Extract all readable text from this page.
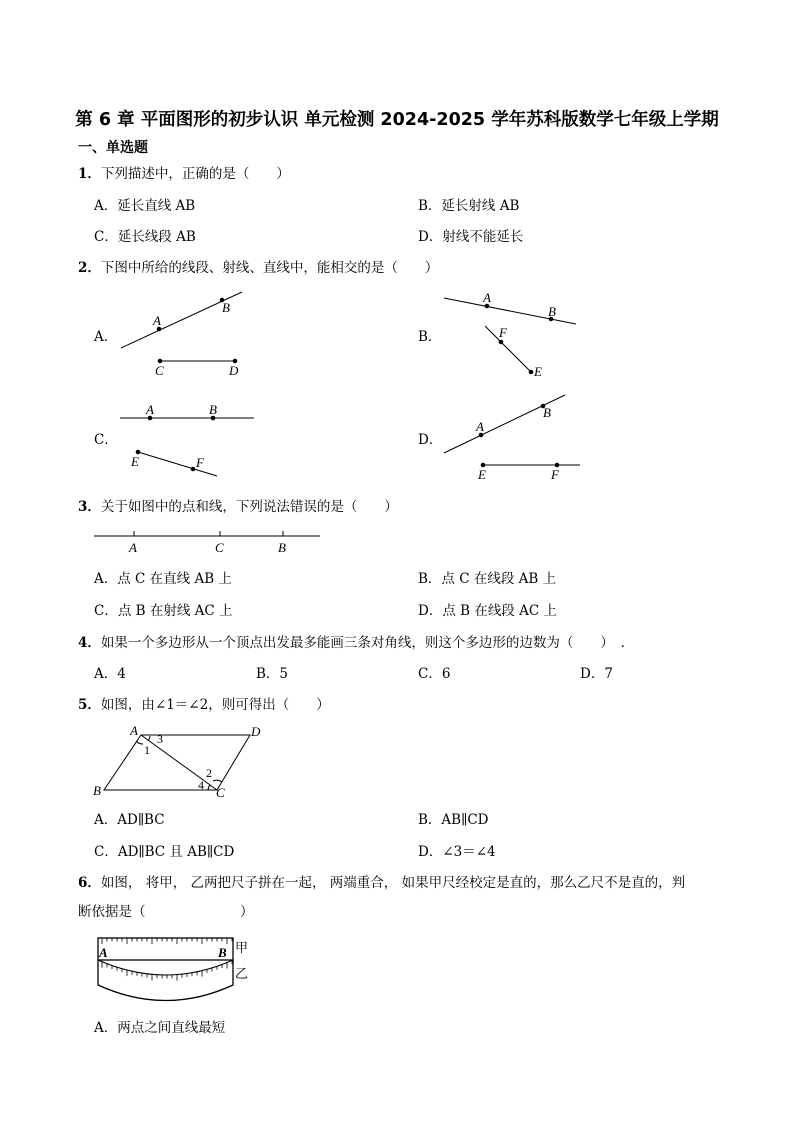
第 6 章 平面图形的初步认识 单元检测 2024-2025 学年苏科版数学七年级上学期
一、单选题
1．下列描述中，正确的是（　　）
A．延长直线 AB	B．延长射线 AB
C．延长线段 AB	D．射线不能延长
2．下图中所给的线段、射线、直线中，能相交的是（　　）
A．	B．
C．	D．
A
B
C	D
A
B
F
E
A	B
E	F
A
B
E	F
3．关于如图中的点和线，下列说法错误的是（　　）
A	C	B
A．点 C 在直线 AB 上	B．点 C 在线段 AB 上
C．点 B 在射线 AC 上	D．点 B 在线段 AC 上
4．如果一个多边形从一个顶点出发最多能画三条对角线，则这个多边形的边数为（　　）　．
A．4	B．5	C．6	D．7
5．如图，由∠1＝∠2，则可得出（　　）
A	D
B	C
1
2
3
4
A．AD∥BC	B．AB∥CD
C．AD∥BC 且 AB∥CD	D．∠3＝∠4
6．如图， 将甲， 乙两把尺子拼在一起， 两端重合， 如果甲尺经校定是直的，那么乙尺不是直的，判
断依据是（　　　　　　　）
A	B 甲
乙
A．两点之间直线最短
